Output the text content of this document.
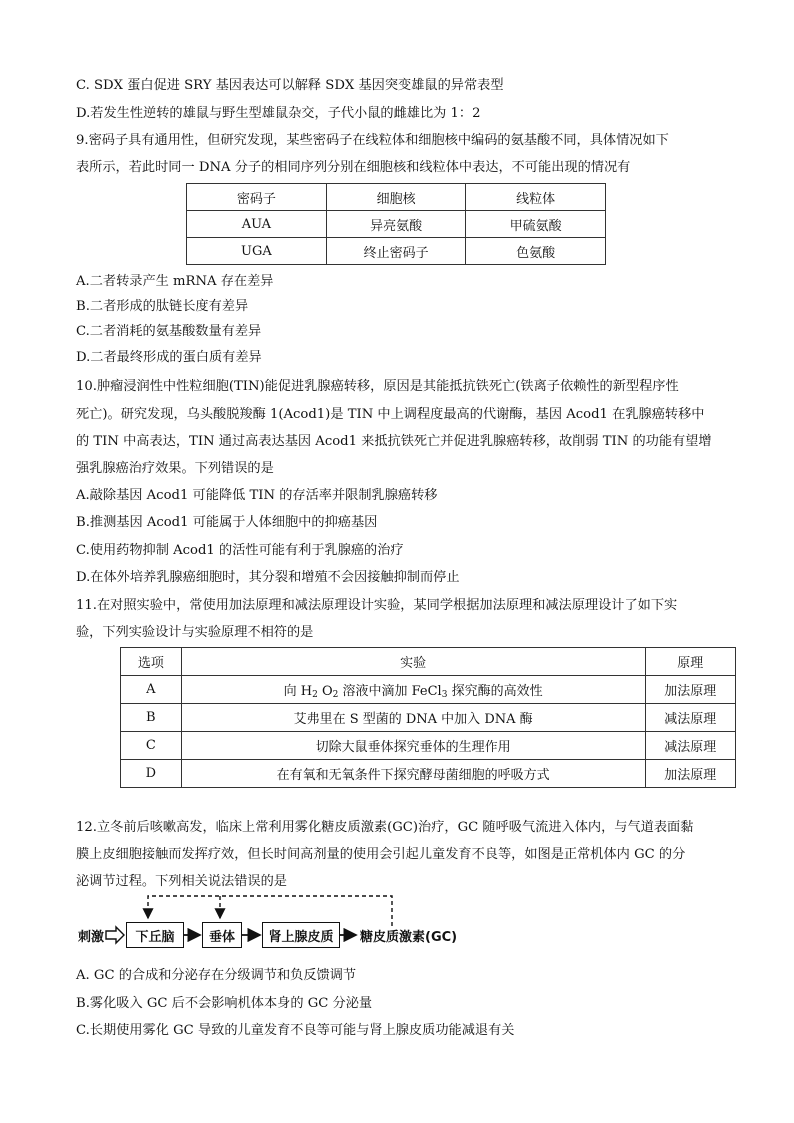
C. SDX 蛋白促进 SRY 基因表达可以解释 SDX 基因突变雄鼠的异常表型
D.若发生性逆转的雄鼠与野生型雄鼠杂交，子代小鼠的雌雄比为 1：2
9.密码子具有通用性，但研究发现，某些密码子在线粒体和细胞核中编码的氨基酸不同，具体情况如下
表所示，若此时同一 DNA 分子的相同序列分别在细胞核和线粒体中表达，不可能出现的情况有
密码子	细胞核	线粒体
AUA	异亮氨酸	甲硫氨酸
UGA	终止密码子	色氨酸
A.二者转录产生 mRNA 存在差异
B.二者形成的肽链长度有差异
C.二者消耗的氨基酸数量有差异
D.二者最终形成的蛋白质有差异
10.肿瘤浸润性中性粒细胞(TIN)能促进乳腺癌转移，原因是其能抵抗铁死亡(铁离子依赖性的新型程序性
死亡)。研究发现，乌头酸脱羧酶 1(Acod1)是 TIN 中上调程度最高的代谢酶，基因 Acod1 在乳腺癌转移中
的 TIN 中高表达，TIN 通过高表达基因 Acod1 来抵抗铁死亡并促进乳腺癌转移，故削弱 TIN 的功能有望增
强乳腺癌治疗效果。下列错误的是
A.敲除基因 Acod1 可能降低 TIN 的存活率并限制乳腺癌转移
B.推测基因 Acod1 可能属于人体细胞中的抑癌基因
C.使用药物抑制 Acod1 的活性可能有利于乳腺癌的治疗
D.在体外培养乳腺癌细胞时，其分裂和增殖不会因接触抑制而停止
11.在对照实验中，常使用加法原理和减法原理设计实验，某同学根据加法原理和减法原理设计了如下实
验，下列实验设计与实验原理不相符的是
选项	实验	原理
A	向 $H_2$ $O_2$ 溶液中滴加 FeCl$_3$ 探究酶的高效性	加法原理
B	艾弗里在 S 型菌的 DNA 中加入 DNA 酶	减法原理
C	切除大鼠垂体探究垂体的生理作用	减法原理
D	在有氧和无氧条件下探究酵母菌细胞的呼吸方式	加法原理
12.立冬前后咳嗽高发，临床上常利用雾化糖皮质激素(GC)治疗，GC 随呼吸气流进入体内，与气道表面黏
膜上皮细胞接触而发挥疗效，但长时间高剂量的使用会引起儿童发育不良等，如图是正常机体内 GC 的分
泌调节过程。下列相关说法错误的是
刺激	下丘脑	垂体	肾上腺皮质	糖皮质激素(GC)
A. GC 的合成和分泌存在分级调节和负反馈调节
B.雾化吸入 GC 后不会影响机体本身的 GC 分泌量
C.长期使用雾化 GC 导致的儿童发育不良等可能与肾上腺皮质功能减退有关
